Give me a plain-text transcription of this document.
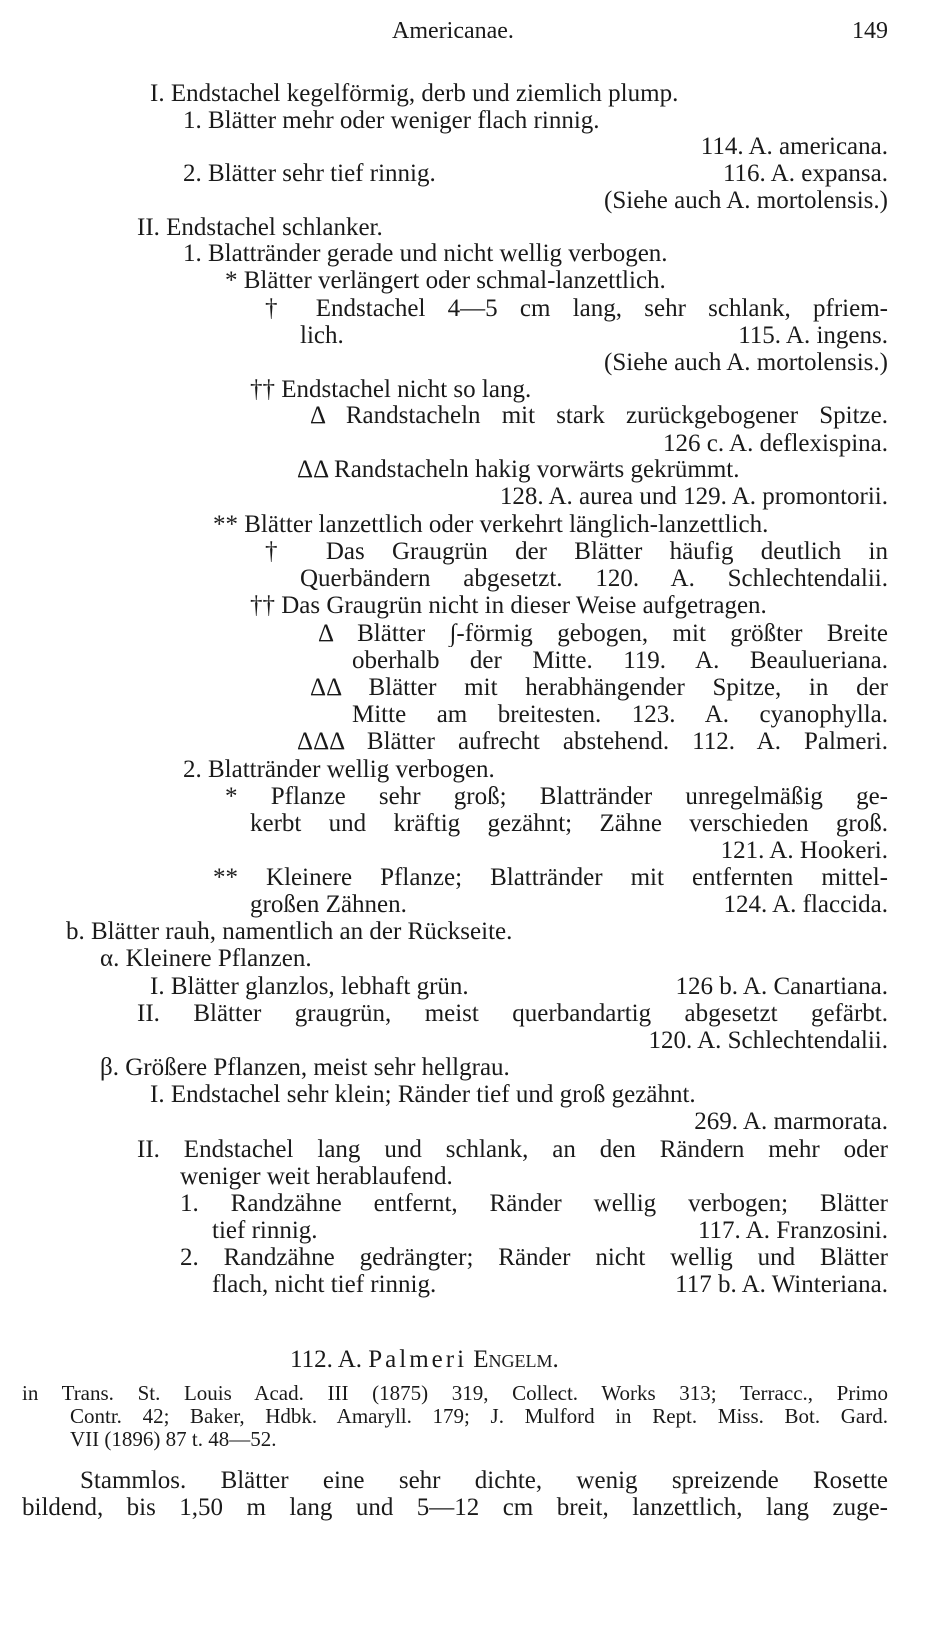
Americanae.	149
I. Endstachel kegelförmig, derb und ziemlich plump.
1. Blätter mehr oder weniger flach rinnig.
114. A. americana.
2. Blätter sehr tief rinnig.	116. A. expansa.
(Siehe auch A. mortolensis.)
II. Endstachel schlanker.
1. Blattränder gerade und nicht wellig verbogen.
* Blätter verlängert oder schmal-lanzettlich.
† Endstachel 4—5 cm lang, sehr schlank, pfriem-
lich.	115. A. ingens.
(Siehe auch A. mortolensis.)
†† Endstachel nicht so lang.
Δ Randstacheln mit stark zurückgebogener Spitze.
126 c. A. deflexispina.
ΔΔ Randstacheln hakig vorwärts gekrümmt.
128. A. aurea und 129. A. promontorii.
** Blätter lanzettlich oder verkehrt länglich-lanzettlich.
† Das Graugrün der Blätter häufig deutlich in
Querbändern abgesetzt. 120. A. Schlechtendalii.
†† Das Graugrün nicht in dieser Weise aufgetragen.
Δ Blätter ∫-förmig gebogen, mit größter Breite
oberhalb der Mitte. 119. A. Beaulueriana.
ΔΔ Blätter mit herabhängender Spitze, in der
Mitte am breitesten. 123. A. cyanophylla.
ΔΔΔ Blätter aufrecht abstehend. 112. A. Palmeri.
2. Blattränder wellig verbogen.
* Pflanze sehr groß; Blattränder unregelmäßig ge-
kerbt und kräftig gezähnt; Zähne verschieden groß.
121. A. Hookeri.
** Kleinere Pflanze; Blattränder mit entfernten mittel-
großen Zähnen.	124. A. flaccida.
b. Blätter rauh, namentlich an der Rückseite.
α. Kleinere Pflanzen.
I. Blätter glanzlos, lebhaft grün.	126 b. A. Canartiana.
II. Blätter graugrün, meist querbandartig abgesetzt gefärbt.
120. A. Schlechtendalii.
β. Größere Pflanzen, meist sehr hellgrau.
I. Endstachel sehr klein; Ränder tief und groß gezähnt.
269. A. marmorata.
II. Endstachel lang und schlank, an den Rändern mehr oder
weniger weit herablaufend.
1. Randzähne entfernt, Ränder wellig verbogen; Blätter
tief rinnig.	117. A. Franzosini.
2. Randzähne gedrängter; Ränder nicht wellig und Blätter
flach, nicht tief rinnig.	117 b. A. Winteriana.
112. A. Palmeri Engelm.
in Trans. St. Louis Acad. III (1875) 319, Collect. Works 313; Terracc., Primo
Contr. 42; Baker, Hdbk. Amaryll. 179; J. Mulford in Rept. Miss. Bot. Gard.
VII (1896) 87 t. 48—52.
Stammlos. Blätter eine sehr dichte, wenig spreizende Rosette
bildend, bis 1,50 m lang und 5—12 cm breit, lanzettlich, lang zuge-
